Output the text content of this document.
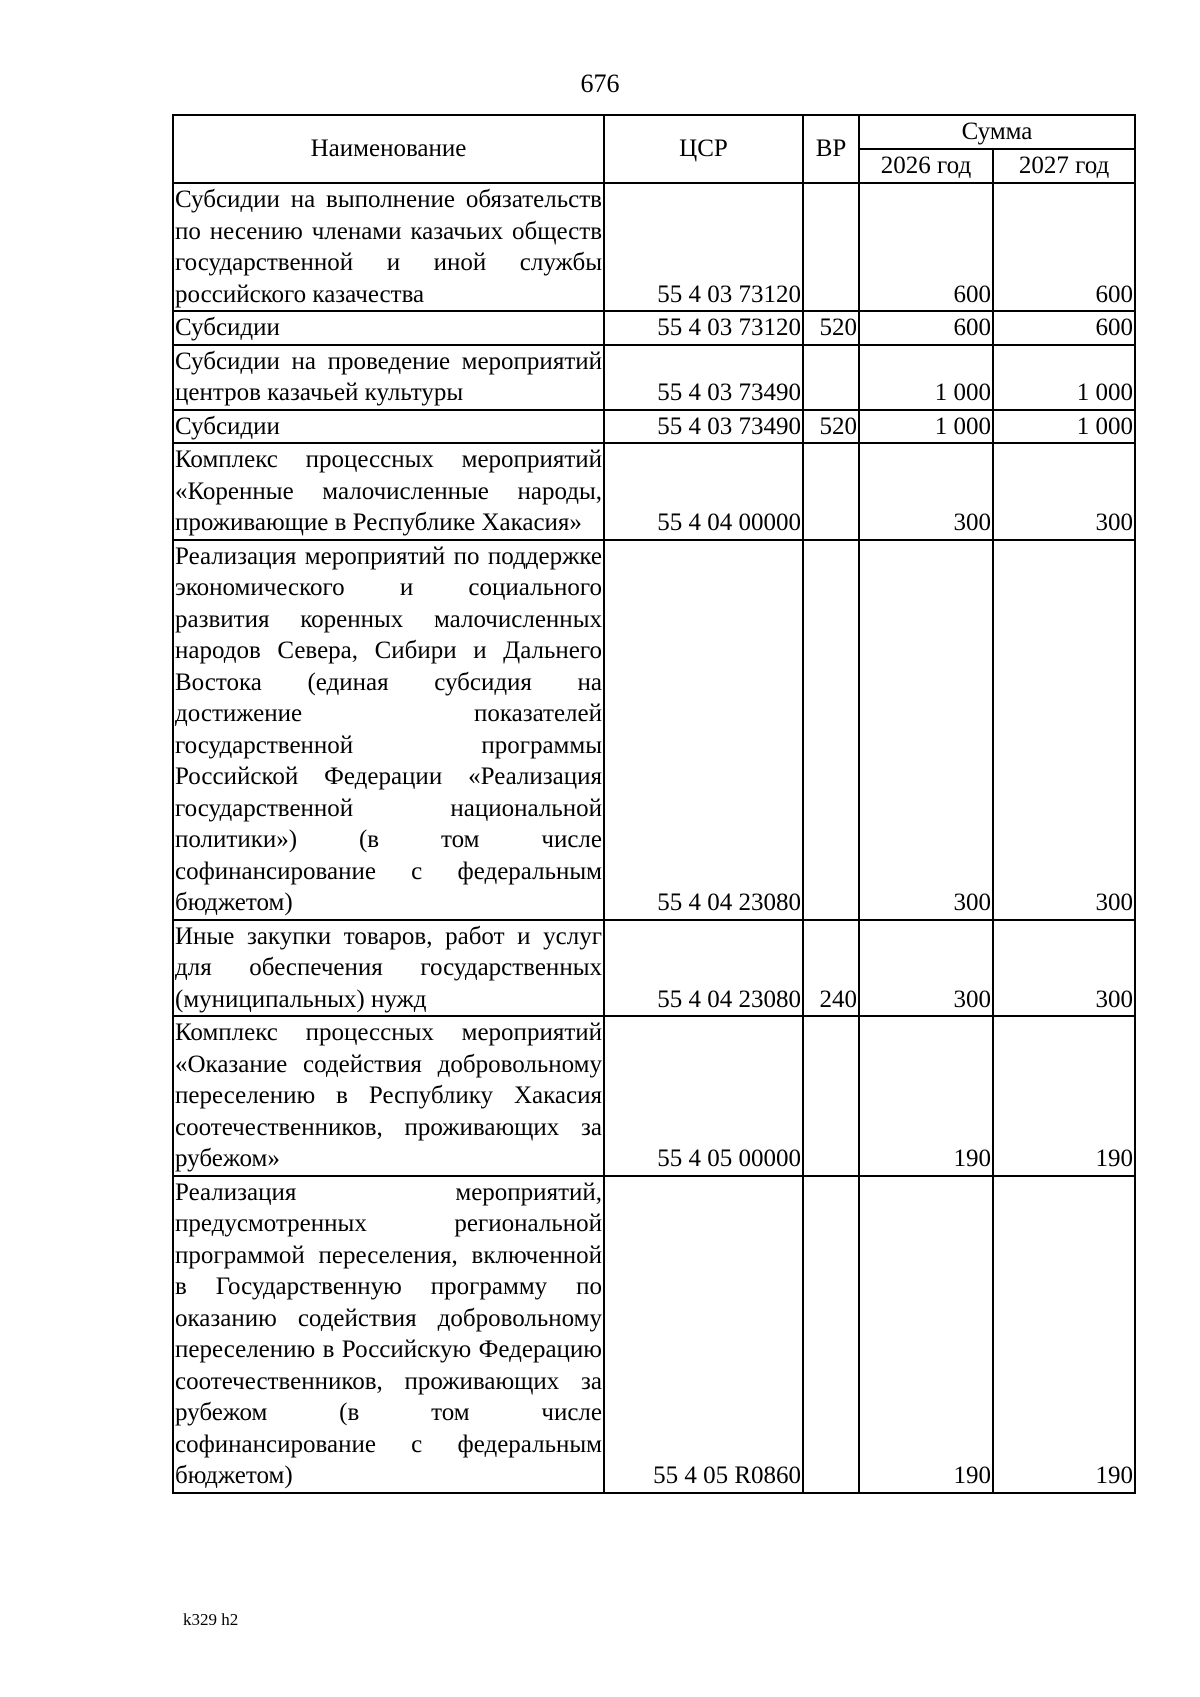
676
Наименование	ЦСР	ВР	Сумма	
			2026 год	2027 год
Субсидии на выполнение обязательств по несению членами казачьих обществ государственной и иной службы российского казачества	55 4 03 73120		600	600
Субсидии	55 4 03 73120	520	600	600
Субсидии на проведение мероприятий центров казачьей культуры	55 4 03 73490		1 000	1 000
Субсидии	55 4 03 73490	520	1 000	1 000
Комплекс процессных мероприятий «Коренные малочисленные народы, проживающие в Республике Хакасия»	55 4 04 00000		300	300
Реализация мероприятий по поддержке экономического и социального развития коренных малочисленных народов Севера, Сибири и Дальнего Востока (единая субсидия на достижение показателей государственной программы Российской Федерации «Реализация государственной национальной политики») (в том числе софинансирование с федеральным бюджетом)	55 4 04 23080		300	300
Иные закупки товаров, работ и услуг для обеспечения государственных (муниципальных) нужд	55 4 04 23080	240	300	300
Комплекс процессных мероприятий «Оказание содействия добровольному переселению в Республику Хакасия соотечественников, проживающих за рубежом»	55 4 05 00000		190	190
Реализация мероприятий, предусмотренных региональной программой переселения, включенной в Государственную программу по оказанию содействия добровольному переселению в Российскую Федерацию соотечественников, проживающих за рубежом (в том числе софинансирование с федеральным бюджетом)	55 4 05 R0860		190	190
k329 h2
